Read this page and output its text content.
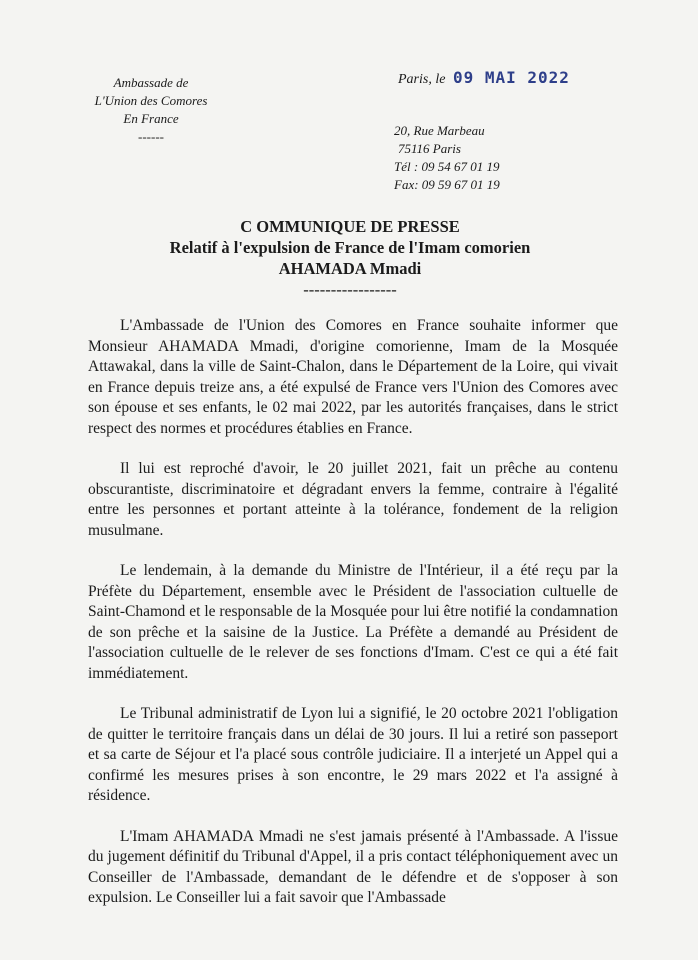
Ambassade de
L'Union des Comores
En France
------
Paris, le 09 MAI 2022
20, Rue Marbeau
75116 Paris
Tél : 09 54 67 01 19
Fax: 09 59 67 01 19
C OMMUNIQUE DE PRESSE
Relatif à l'expulsion de France de l'Imam comorien
AHAMADA Mmadi
-----------------

L'Ambassade de l'Union des Comores en France souhaite informer que Monsieur AHAMADA Mmadi, d'origine comorienne, Imam de la Mosquée Attawakal, dans la ville de Saint-Chalon, dans le Département de la Loire, qui vivait en France depuis treize ans, a été expulsé de France vers l'Union des Comores avec son épouse et ses enfants, le 02 mai 2022, par les autorités françaises, dans le strict respect des normes et procédures établies en France.

Il lui est reproché d'avoir, le 20 juillet 2021, fait un prêche au contenu obscurantiste, discriminatoire et dégradant envers la femme, contraire à l'égalité entre les personnes et portant atteinte à la tolérance, fondement de la religion musulmane.

Le lendemain, à la demande du Ministre de l'Intérieur, il a été reçu par la Préfète du Département, ensemble avec le Président de l'association cultuelle de Saint-Chamond et le responsable de la Mosquée pour lui être notifié la condamnation de son prêche et la saisine de la Justice. La Préfète a demandé au Président de l'association cultuelle de le relever de ses fonctions d'Imam. C'est ce qui a été fait immédiatement.

Le Tribunal administratif de Lyon lui a signifié, le 20 octobre 2021 l'obligation de quitter le territoire français dans un délai de 30 jours. Il lui a retiré son passeport et sa carte de Séjour et l'a placé sous contrôle judiciaire. Il a interjeté un Appel qui a confirmé les mesures prises à son encontre, le 29 mars 2022 et l'a assigné à résidence.

L'Imam AHAMADA Mmadi ne s'est jamais présenté à l'Ambassade. A l'issue du jugement définitif du Tribunal d'Appel, il a pris contact téléphoniquement avec un Conseiller de l'Ambassade, demandant de le défendre et de s'opposer à son expulsion. Le Conseiller lui a fait savoir que l'Ambassade
